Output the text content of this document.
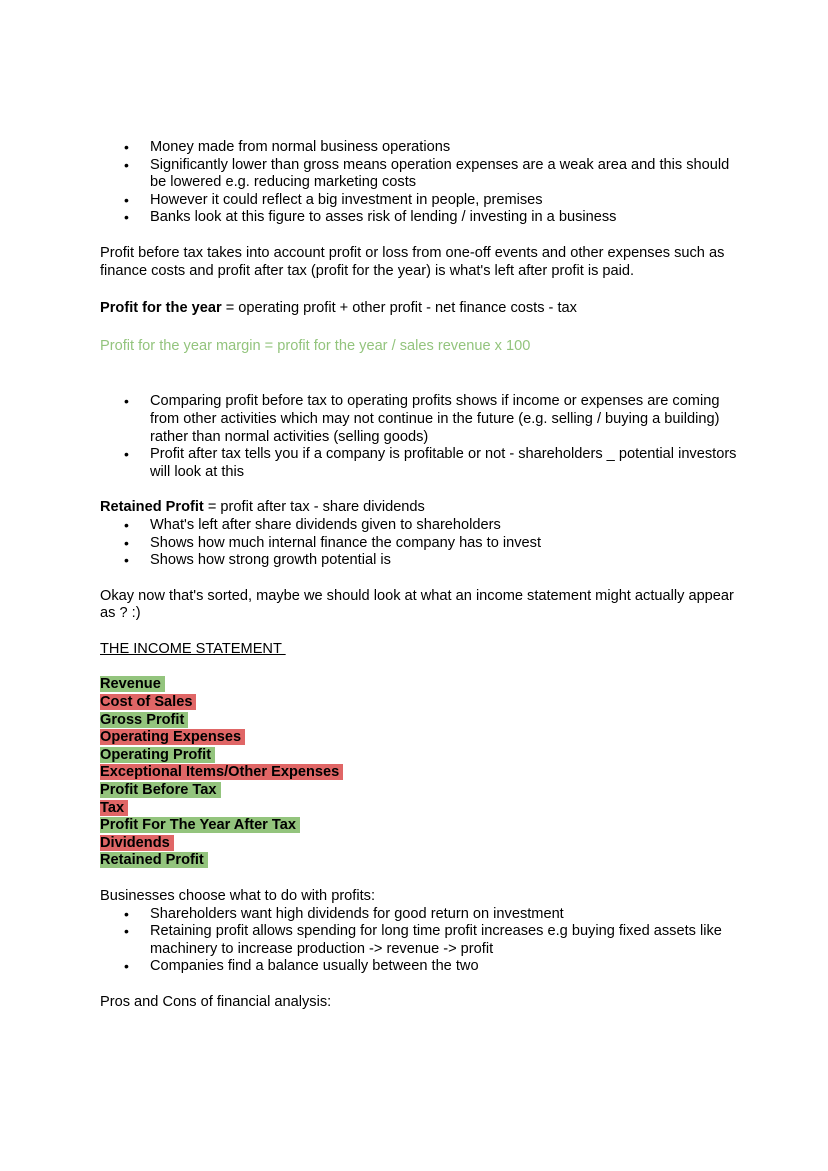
• Money made from normal business operations
• Significantly lower than gross means operation expenses are a weak area and this should be lowered e.g. reducing marketing costs
• However it could reflect a big investment in people, premises
• Banks look at this figure to asses risk of lending / investing in a business

Profit before tax takes into account profit or loss from one-off events and other expenses such as finance costs and profit after tax (profit for the year) is what's left after profit is paid.

Profit for the year = operating profit + other profit - net finance costs - tax

Profit for the year margin = profit for the year / sales revenue x 100

• Comparing profit before tax to operating profits shows if income or expenses are coming from other activities which may not continue in the future (e.g. selling / buying a building) rather than normal activities (selling goods)
• Profit after tax tells you if a company is profitable or not - shareholders _ potential investors will look at this

Retained Profit = profit after tax - share dividends

• What's left after share dividends given to shareholders
• Shows how much internal finance the company has to invest
• Shows how strong growth potential is

Okay now that's sorted, maybe we should look at what an income statement might actually appear as ? :)

THE INCOME STATEMENT

Revenue
Cost of Sales
Gross Profit
Operating Expenses
Operating Profit
Exceptional Items/Other Expenses
Profit Before Tax
Tax
Profit For The Year After Tax
Dividends
Retained Profit

Businesses choose what to do with profits:

• Shareholders want high dividends for good return on investment
• Retaining profit allows spending for long time profit increases e.g buying fixed assets like machinery to increase production -> revenue -> profit
• Companies find a balance usually between the two

Pros and Cons of financial analysis:
